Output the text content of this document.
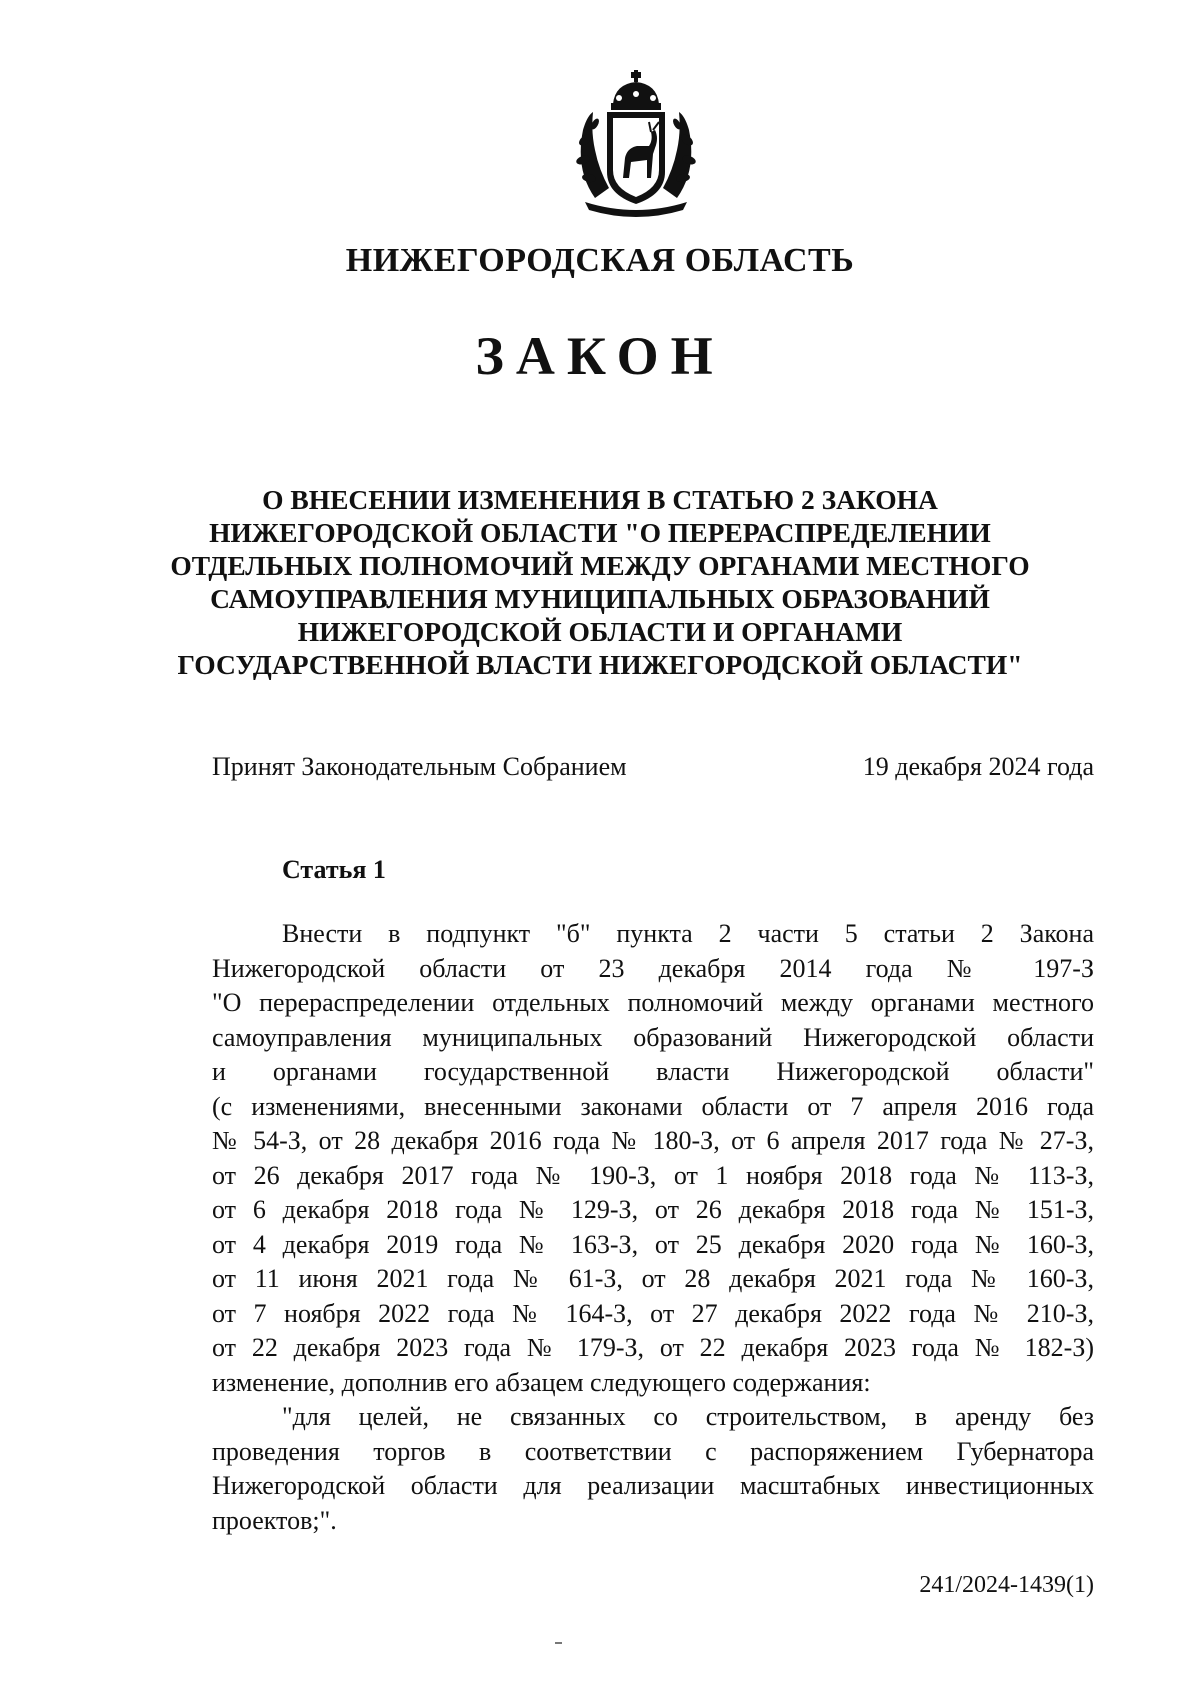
НИЖЕГОРОДСКАЯ ОБЛАСТЬ
ЗАКОН
О ВНЕСЕНИИ ИЗМЕНЕНИЯ В СТАТЬЮ 2 ЗАКОНА
НИЖЕГОРОДСКОЙ ОБЛАСТИ "О ПЕРЕРАСПРЕДЕЛЕНИИ
ОТДЕЛЬНЫХ ПОЛНОМОЧИЙ МЕЖДУ ОРГАНАМИ МЕСТНОГО
САМОУПРАВЛЕНИЯ МУНИЦИПАЛЬНЫХ ОБРАЗОВАНИЙ
НИЖЕГОРОДСКОЙ ОБЛАСТИ И ОРГАНАМИ
ГОСУДАРСТВЕННОЙ ВЛАСТИ НИЖЕГОРОДСКОЙ ОБЛАСТИ"
Принят Законодательным Собранием	19 декабря 2024 года
Статья 1
Внести в подпункт "б" пункта 2 части 5 статьи 2 Закона
Нижегородской области от 23 декабря 2014 года № 197-З
"О перераспределении отдельных полномочий между органами местного
самоуправления муниципальных образований Нижегородской области
и органами государственной власти Нижегородской области"
(с изменениями, внесенными законами области от 7 апреля 2016 года
№ 54-З, от 28 декабря 2016 года № 180-З, от 6 апреля 2017 года № 27-З,
от 26 декабря 2017 года № 190-З, от 1 ноября 2018 года № 113-З,
от 6 декабря 2018 года № 129-З, от 26 декабря 2018 года № 151-З,
от 4 декабря 2019 года № 163-З, от 25 декабря 2020 года № 160-З,
от 11 июня 2021 года № 61-З, от 28 декабря 2021 года № 160-З,
от 7 ноября 2022 года № 164-З, от 27 декабря 2022 года № 210-З,
от 22 декабря 2023 года № 179-З, от 22 декабря 2023 года № 182-З)
изменение, дополнив его абзацем следующего содержания:
"для целей, не связанных со строительством, в аренду без
проведения торгов в соответствии с распоряжением Губернатора
Нижегородской области для реализации масштабных инвестиционных
проектов;".
241/2024-1439(1)
